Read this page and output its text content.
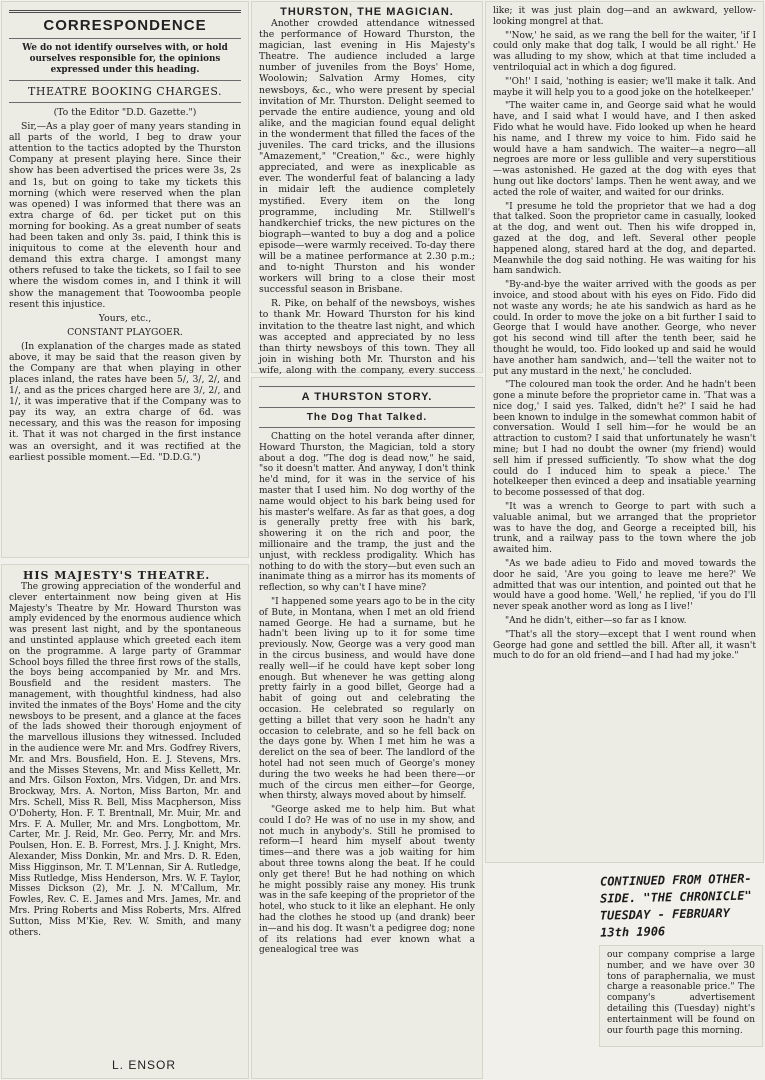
CORRESPONDENCE
We do not identify ourselves with, or hold ourselves responsible for, the opinions expressed under this heading.
THEATRE BOOKING CHARGES.

(To the Editor "D.D. Gazette.")

Sir,—As a play goer of many years standing in all parts of the world, I beg to draw your attention to the tactics adopted by the Thurston Company at present playing here. Since their show has been advertised the prices were 3s, 2s and 1s, but on going to take my tickets this morning (which were reserved when the plan was opened) I was informed that there was an extra charge of 6d. per ticket put on this morning for booking. As a great number of seats had been taken and only 3s. paid, I think this is iniquitous to come at the eleventh hour and demand this extra charge. I amongst many others refused to take the tickets, so I fail to see where the wisdom comes in, and I think it will show the management that Toowoomba people resent this injustice.

Yours, etc.,

CONSTANT PLAYGOER.

(In explanation of the charges made as stated above, it may be said that the reason given by the Company are that when playing in other places inland, the rates have been 5/, 3/, 2/, and 1/, and as the prices charged here are 3/, 2/, and 1/, it was imperative that if the Company was to pay its way, an extra charge of 6d. was necessary, and this was the reason for imposing it. That it was not charged in the first instance was an oversight, and it was rectified at the earliest possible moment.—Ed. "D.D.G.")

HIS MAJESTY'S THEATRE.

The growing appreciation of the wonderful and clever entertainment now being given at His Majesty's Theatre by Mr. Howard Thurston was amply evidenced by the enormous audience which was present last night, and by the spontaneous and unstinted applause which greeted each item on the programme. A large party of Grammar School boys filled the three first rows of the stalls, the boys being accompanied by Mr. and Mrs. Bousfield and the resident masters. The management, with thoughtful kindness, had also invited the inmates of the Boys' Home and the city newsboys to be present, and a glance at the faces of the lads showed their thorough enjoyment of the marvellous illusions they witnessed. Included in the audience were Mr. and Mrs. Godfrey Rivers, Mr. and Mrs. Bousfield, Hon. E. J. Stevens, Mrs. and the Misses Stevens, Mr. and Miss Kellett, Mr. and Mrs. Gilson Foxton, Mrs. Vidgen, Dr. and Mrs. Brockway, Mrs. A. Norton, Miss Barton, Mr. and Mrs. Schell, Miss R. Bell, Miss Macpherson, Miss O'Doherty, Hon. F. T. Brentnall, Mr. Muir, Mr. and Mrs. F. A. Muller, Mr. and Mrs. Longbottom, Mr. Carter, Mr. J. Reid, Mr. Geo. Perry, Mr. and Mrs. Poulsen, Hon. E. B. Forrest, Mrs. J. J. Knight, Mrs. Alexander, Miss Donkin, Mr. and Mrs. D. R. Eden, Miss Higginson, Mr. T. M'Lennan, Sir A. Rutledge, Miss Rutledge, Miss Henderson, Mrs. W. F. Taylor, Misses Dickson (2), Mr. J. N. M'Callum, Mr. Fowles, Rev. C. E. James and Mrs. James, Mr. and Mrs. Pring Roberts and Miss Roberts, Mrs. Alfred Sutton, Miss M'Kie, Rev. W. Smith, and many others.

L. ENSOR
THURSTON, THE MAGICIAN.

Another crowded attendance witnessed the performance of Howard Thurston, the magician, last evening in His Majesty's Theatre. The audience included a large number of juveniles from the Boys' Home, Woolowin; Salvation Army Homes, city newsboys, &c., who were present by special invitation of Mr. Thurston. Delight seemed to pervade the entire audience, young and old alike, and the magician found equal delight in the wonderment that filled the faces of the juveniles. The card tricks, and the illusions "Amazement," "Creation," &c., were highly appreciated, and were as inexplicable as ever. The wonderful feat of balancing a lady in midair left the audience completely mystified. Every item on the long programme, including Mr. Stillwell's handkerchief tricks, the new pictures on the biograph—wanted to buy a dog and a police episode—were warmly received. To-day there will be a matinee performance at 2.30 p.m.; and to-night Thurston and his wonder workers will bring to a close their most successful season in Brisbane.

R. Pike, on behalf of the newsboys, wishes to thank Mr. Howard Thurston for his kind invitation to the theatre last night, and which was accepted and appreciated by no less than thirty newsboys of this town. They all join in wishing both Mr. Thurston and his wife, along with the company, every success

A THURSTON STORY.
The Dog That Talked.

Chatting on the hotel veranda after dinner, Howard Thurston, the Magician, told a story about a dog. "The dog is dead now," he said, "so it doesn't matter. And anyway, I don't think he'd mind, for it was in the service of his master that I used him. No dog worthy of the name would object to his bark being used for his master's welfare. As far as that goes, a dog is generally pretty free with his bark, showering it on the rich and poor, the millionaire and the tramp, the just and the unjust, with reckless prodigality. Which has nothing to do with the story—but even such an inanimate thing as a mirror has its moments of reflection, so why can't I have mine?

"I happened some years ago to be in the city of Bute, in Montana, when I met an old friend named George. He had a surname, but he hadn't been living up to it for some time previously. Now, George was a very good man in the circus business, and would have done really well—if he could have kept sober long enough. But whenever he was getting along pretty fairly in a good billet, George had a habit of going out and celebrating the occasion. He celebrated so regularly on getting a billet that very soon he hadn't any occasion to celebrate, and so he fell back on the days gone by. When I met him he was a derelict on the sea of beer. The landlord of the hotel had not seen much of George's money during the two weeks he had been there—or much of the circus men either—for George, when thirsty, always moved about by himself.

"George asked me to help him. But what could I do? He was of no use in my show, and not much in anybody's. Still he promised to reform—I heard him myself about twenty times—and there was a job waiting for him about three towns along the beat. If he could only get there! But he had nothing on which he might possibly raise any money. His trunk was in the safe keeping of the proprietor of the hotel, who stuck to it like an elephant. He only had the clothes he stood up (and drank) beer in—and his dog. It wasn't a pedigree dog; none of its relations had ever known what a genealogical tree was

like; it was just plain dog—and an awkward, yellow-looking mongrel at that.

"'Now,' he said, as we rang the bell for the waiter, 'if I could only make that dog talk, I would be all right.' He was alluding to my show, which at that time included a ventriloquial act in which a dog figured.

"'Oh!' I said, 'nothing is easier; we'll make it talk. And maybe it will help you to a good joke on the hotelkeeper.'

"The waiter came in, and George said what he would have, and I said what I would have, and I then asked Fido what he would have. Fido looked up when he heard his name, and I threw my voice to him. Fido said he would have a ham sandwich. The waiter—a negro—all negroes are more or less gullible and very superstitious—was astonished. He gazed at the dog with eyes that hung out like doctors' lamps. Then he went away, and we acted the role of waiter, and waited for our drinks.

"I presume he told the proprietor that we had a dog that talked. Soon the proprietor came in casually, looked at the dog, and went out. Then his wife dropped in, gazed at the dog, and left. Several other people happened along, stared hard at the dog, and departed. Meanwhile the dog said nothing. He was waiting for his ham sandwich.

"By-and-bye the waiter arrived with the goods as per invoice, and stood about with his eyes on Fido. Fido did not waste any words; he ate his sandwich as hard as he could. In order to move the joke on a bit further I said to George that I would have another. George, who never got his second wind till after the tenth beer, said he thought he would, too. Fido looked up and said he would have another ham sandwich, and—'tell the waiter not to put any mustard in the next,' he concluded.

"The coloured man took the order. And he hadn't been gone a minute before the proprietor came in. 'That was a nice dog,' I said yes. Talked, didn't he?' I said he had been known to indulge in the somewhat common habit of conversation. Would I sell him—for he would be an attraction to custom? I said that unfortunately he wasn't mine; but I had no doubt the owner (my friend) would sell him if pressed sufficiently. 'To show what the dog could do I induced him to speak a piece.' The hotelkeeper then evinced a deep and insatiable yearning to become possessed of that dog.

"It was a wrench to George to part with such a valuable animal, but we arranged that the proprietor was to have the dog, and George a receipted bill, his trunk, and a railway pass to the town where the job awaited him.

"As we bade adieu to Fido and moved towards the door he said, 'Are you going to leave me here?' We admitted that was our intention, and pointed out that he would have a good home. 'Well,' he replied, 'if you do I'll never speak another word as long as I live!'

"And he didn't, either—so far as I know.

"That's all the story—except that I went round when George had gone and settled the bill. After all, it wasn't much to do for an old friend—and I had had my joke."

CONTINUED FROM OTHER-
SIDE. "THE CHRONICLE"
TUESDAY - FEBRUARY 13th 1906

our company comprise a large number, and we have over 30 tons of paraphernalia, we must charge a reasonable price." The company's advertisement detailing this (Tuesday) night's entertainment will be found on our fourth page this morning.
